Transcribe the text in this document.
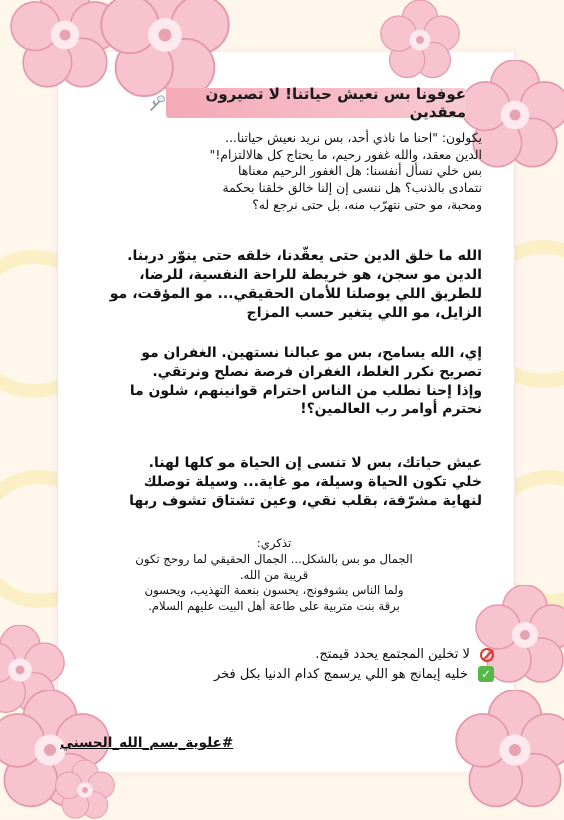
عوفونا بس نعيش حياتنا! لا تصيرون معقدين
يكولون: "احنا ما ناذي أحد، بس نريد نعيش حياتنا...
الدين معقد، والله غفور رحيم، ما يحتاج كل هالالتزام!"
بس خلي نسأل أنفسنا: هل الغفور الرحيم معناها
نتمادى بالذنب؟ هل ننسى إن إلنا خالق خلقنا بحكمة
ومحبة، مو حتى نتهرّب منه، بل حتى نرجع له؟
الله ما خلق الدين حتى يعقّدنا، خلقه حتى ينوّر دربنا.
الدين مو سجن، هو خريطة للراحة النفسية، للرضا،
للطريق اللي يوصلنا للأمان الحقيقي... مو المؤقت، مو
الزايل، مو اللي يتغير حسب المزاج
إي، الله يسامح، بس مو عبالنا نستهين. الغفران مو
تصريح نكرر الغلط، الغفران فرصة نصلح ونرتقي.
وإذا إحنا نطلب من الناس احترام قوانينهم، شلون ما
نحترم أوامر رب العالمين؟!
عيش حياتك، بس لا تنسى إن الحياة مو كلها لهنا.
خلي تكون الحياة وسيلة، مو غاية... وسيلة توصلك
لنهاية مشرّفة، بقلب نقي، وعين تشتاق تشوف ربها
تذكري:
الجمال مو بس بالشكل... الجمال الحقيقي لما روحج تكون
قريبة من الله.
ولما الناس يشوفونج، يحسون بنعمة التهذيب، ويحسون
برقة بنت متربية على طاعة أهل البيت عليهم السلام.
لا تخلين المجتمع يحدد قيمتج.
✓ خليه إيمانج هو اللي يرسمج كدام الدنيا بكل فخر
#علوية_بسم_الله_الحسني
